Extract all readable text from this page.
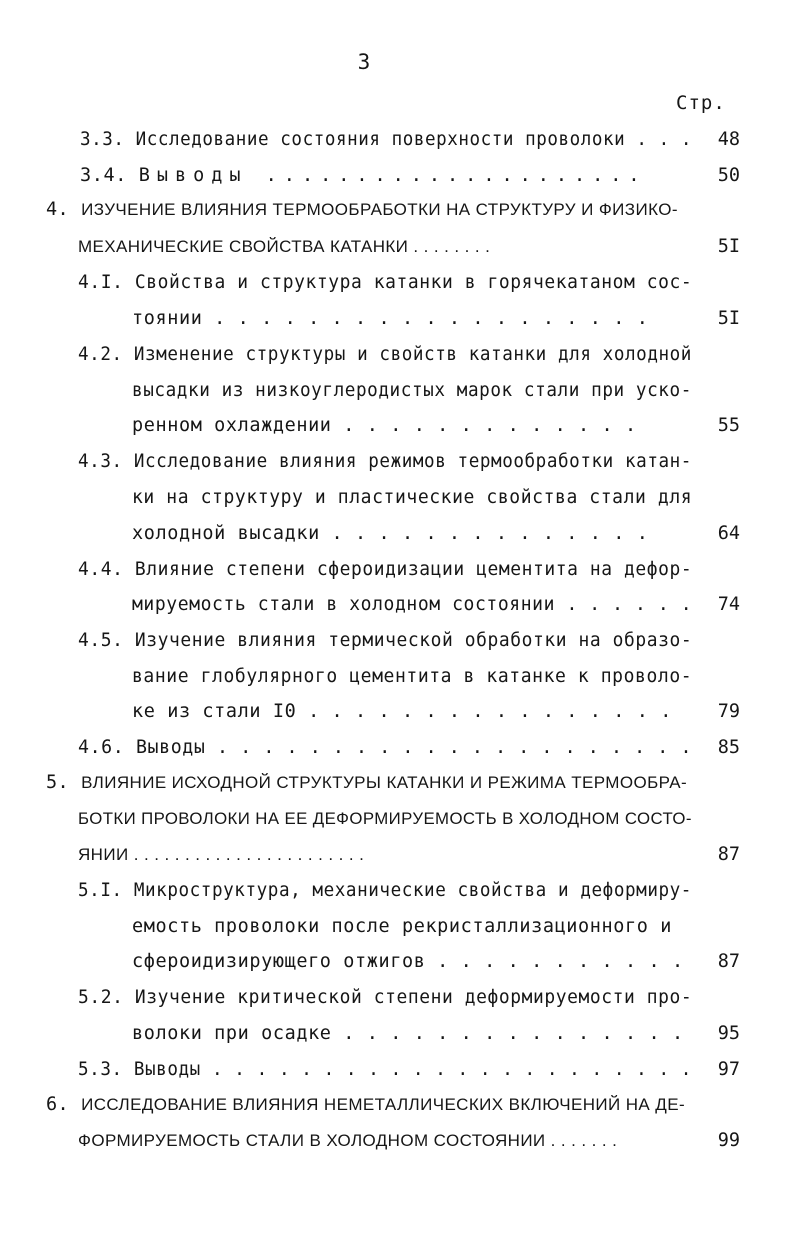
3
Стр.
3.3. Исследование состояния поверхности проволоки . . .	48
3.4. Выводы .....................	50
4. ИЗУЧЕНИЕ ВЛИЯНИЯ ТЕРМООБРАБОТКИ НА СТРУКТУРУ И ФИЗИКО-
МЕХАНИЧЕСКИЕ СВОЙСТВА КАТАНКИ . . . . . . . .	5I
4.I. Свойства и структура катанки в горячекатаном сос-
тоянии . . . . . . . . . . . . . . . . . . .	5I
4.2. Изменение структуры и свойств катанки для холодной
высадки из низкоуглеродистых марок стали при уско-
ренном охлаждении . . . . . . . . . . . . .	55
4.3. Исследование влияния режимов термообработки катан-
ки на структуру и пластические свойства стали для
холодной высадки . . . . . . . . . . . . . .	64
4.4. Влияние степени сфероидизации цементита на дефор-
мируемость стали в холодном состоянии . . . . . .	74
4.5. Изучение влияния термической обработки на образо-
вание глобулярного цементита в катанке к проволо-
ке из стали I0 . . . . . . . . . . . . . . . .	79
4.6. Выводы . . . . . . . . . . . . . . . . . . . . .	85
5. ВЛИЯНИЕ ИСХОДНОЙ СТРУКТУРЫ КАТАНКИ И РЕЖИМА ТЕРМООБРА-
БОТКИ ПРОВОЛОКИ НА ЕЕ ДЕФОРМИРУЕМОСТЬ В ХОЛОДНОМ СОСТО-
ЯНИИ . . . . . . . . . . . . . . . . . . . . . . .	87
5.I. Микроструктура, механические свойства и деформиру-
емость проволоки после рекристаллизационного и
сфероидизирующего отжигов . . . . . . . . . . .	87
5.2. Изучение критической степени деформируемости про-
волоки при осадке . . . . . . . . . . . . . . .	95
5.3. Выводы . . . . . . . . . . . . . . . . . . . . . .	97
6. ИССЛЕДОВАНИЕ ВЛИЯНИЯ НЕМЕТАЛЛИЧЕСКИХ ВКЛЮЧЕНИЙ НА ДЕ-
ФОРМИРУЕМОСТЬ СТАЛИ В ХОЛОДНОМ СОСТОЯНИИ . . . . . . .	99
